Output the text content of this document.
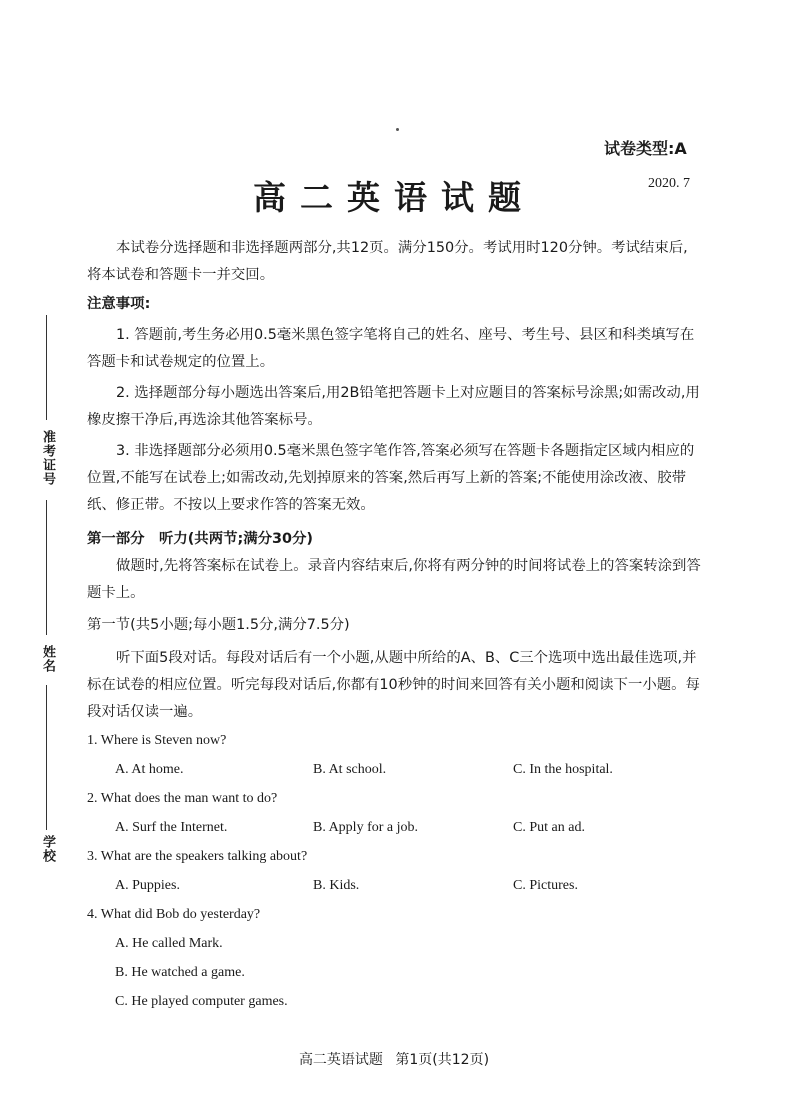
准考证号
姓名
学校
试卷类型:A
2020. 7
高二英语试题
本试卷分选择题和非选择题两部分,共12页。满分150分。考试用时120分钟。考试结束后,将本试卷和答题卡一并交回。
注意事项:
1. 答题前,考生务必用0.5毫米黑色签字笔将自己的姓名、座号、考生号、县区和科类填写在答题卡和试卷规定的位置上。
2. 选择题部分每小题选出答案后,用2B铅笔把答题卡上对应题目的答案标号涂黑;如需改动,用橡皮擦干净后,再选涂其他答案标号。
3. 非选择题部分必须用0.5毫米黑色签字笔作答,答案必须写在答题卡各题指定区域内相应的位置,不能写在试卷上;如需改动,先划掉原来的答案,然后再写上新的答案;不能使用涂改液、胶带纸、修正带。不按以上要求作答的答案无效。
第一部分　听力(共两节;满分30分)
做题时,先将答案标在试卷上。录音内容结束后,你将有两分钟的时间将试卷上的答案转涂到答题卡上。
第一节(共5小题;每小题1.5分,满分7.5分)
听下面5段对话。每段对话后有一个小题,从题中所给的A、B、C三个选项中选出最佳选项,并标在试卷的相应位置。听完每段对话后,你都有10秒钟的时间来回答有关小题和阅读下一小题。每段对话仅读一遍。
1. Where is Steven now?
A. At home.	B. At school.	C. In the hospital.
2. What does the man want to do?
A. Surf the Internet.	B. Apply for a job.	C. Put an ad.
3. What are the speakers talking about?
A. Puppies.	B. Kids.	C. Pictures.
4. What did Bob do yesterday?
A. He called Mark.
B. He watched a game.
C. He played computer games.
高二英语试题 第1页(共12页)
